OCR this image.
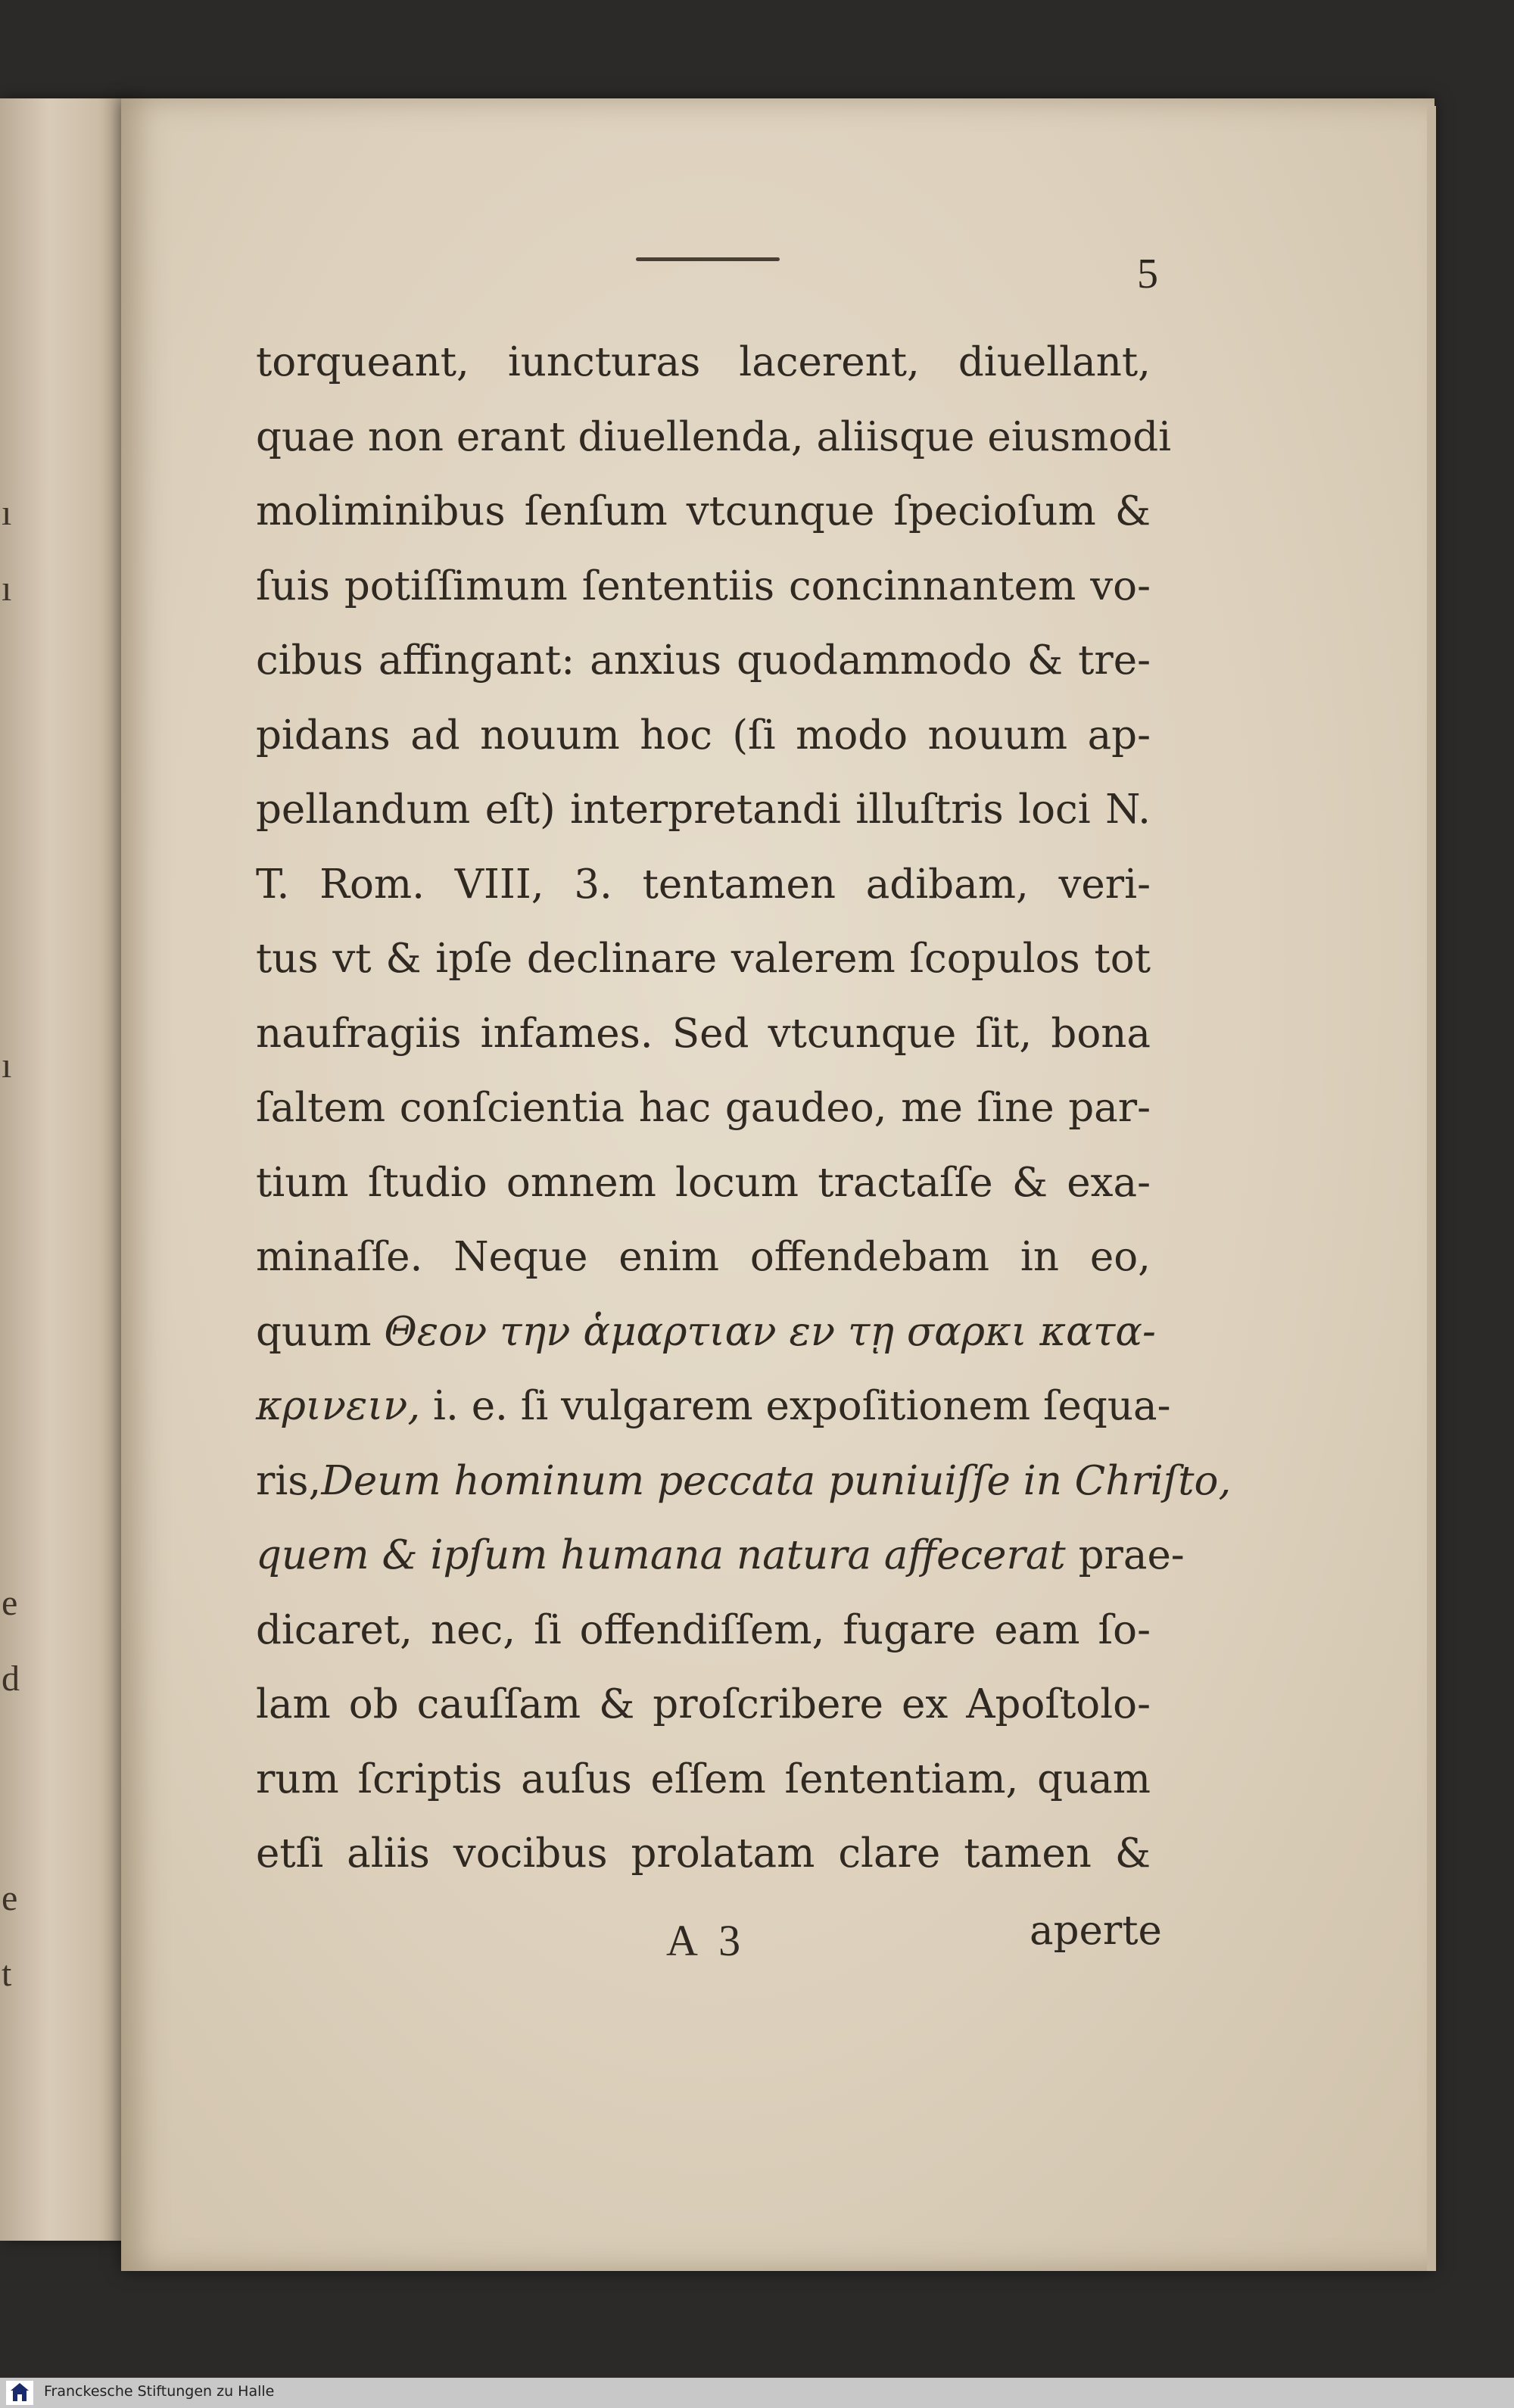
ı
ı
ı
e
d
e
t
5
torqueant, iuncturas lacerent, diuellant,
quae non erant diuellenda, aliisque eiusmodi
moliminibus ſenſum vtcunque ſpecioſum &
ſuis potiſſimum ſententiis concinnantem vo-
cibus affingant: anxius quodammodo & tre-
pidans ad nouum hoc (ſi modo nouum ap-
pellandum eſt) interpretandi illuſtris loci N.
T. Rom. VIII, 3. tentamen adibam, veri-
tus vt & ipſe declinare valerem ſcopulos tot
naufragiis infames. Sed vtcunque ſit, bona
ſaltem conſcientia hac gaudeo, me ſine par-
tium ſtudio omnem locum tractaſſe & exa-
minaſſe. Neque enim offendebam in eo,
quum Θεον την ἁμαρτιαν εν τῃ σαρκι κατα-
κρινειν, i. e. ſi vulgarem expoſitionem ſequa-
ris,Deum hominum peccata puniuiſſe in Chriſto,
quem & ipſum humana natura affecerat prae-
dicaret, nec, ſi offendiſſem, fugare eam ſo-
lam ob cauſſam & proſcribere ex Apoſtolo-
rum ſcriptis auſus eſſem ſententiam, quam
etſi aliis vocibus prolatam clare tamen &
A 3	aperte
Franckesche Stiftungen zu Halle
